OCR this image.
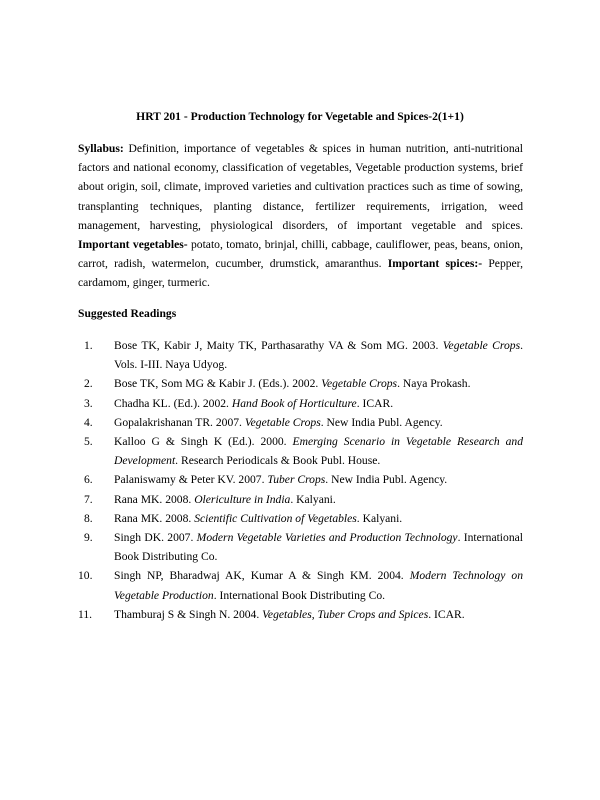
HRT 201 - Production Technology for Vegetable and Spices-2(1+1)

Syllabus: Definition, importance of vegetables & spices in human nutrition, anti-nutritional factors and national economy, classification of vegetables, Vegetable production systems, brief about origin, soil, climate, improved varieties and cultivation practices such as time of sowing, transplanting techniques, planting distance, fertilizer requirements, irrigation, weed management, harvesting, physiological disorders, of important vegetable and spices. Important vegetables- potato, tomato, brinjal, chilli, cabbage, cauliflower, peas, beans, onion, carrot, radish, watermelon, cucumber, drumstick, amaranthus. Important spices:- Pepper, cardamom, ginger, turmeric.

Suggested Readings
1.	Bose TK, Kabir J, Maity TK, Parthasarathy VA & Som MG. 2003. Vegetable Crops. Vols. I-III. Naya Udyog.
2.	Bose TK, Som MG & Kabir J. (Eds.). 2002. Vegetable Crops. Naya Prokash.
3.	Chadha KL. (Ed.). 2002. Hand Book of Horticulture. ICAR.
4.	Gopalakrishanan TR. 2007. Vegetable Crops. New India Publ. Agency.
5.	Kalloo G & Singh K (Ed.). 2000. Emerging Scenario in Vegetable Research and Development. Research Periodicals & Book Publ. House.
6.	Palaniswamy & Peter KV. 2007. Tuber Crops. New India Publ. Agency.
7.	Rana MK. 2008. Olericulture in India. Kalyani.
8.	Rana MK. 2008. Scientific Cultivation of Vegetables. Kalyani.
9.	Singh DK. 2007. Modern Vegetable Varieties and Production Technology. International Book Distributing Co.
10.	Singh NP, Bharadwaj AK, Kumar A & Singh KM. 2004. Modern Technology on Vegetable Production. International Book Distributing Co.
11.	Thamburaj S & Singh N. 2004. Vegetables, Tuber Crops and Spices. ICAR.
